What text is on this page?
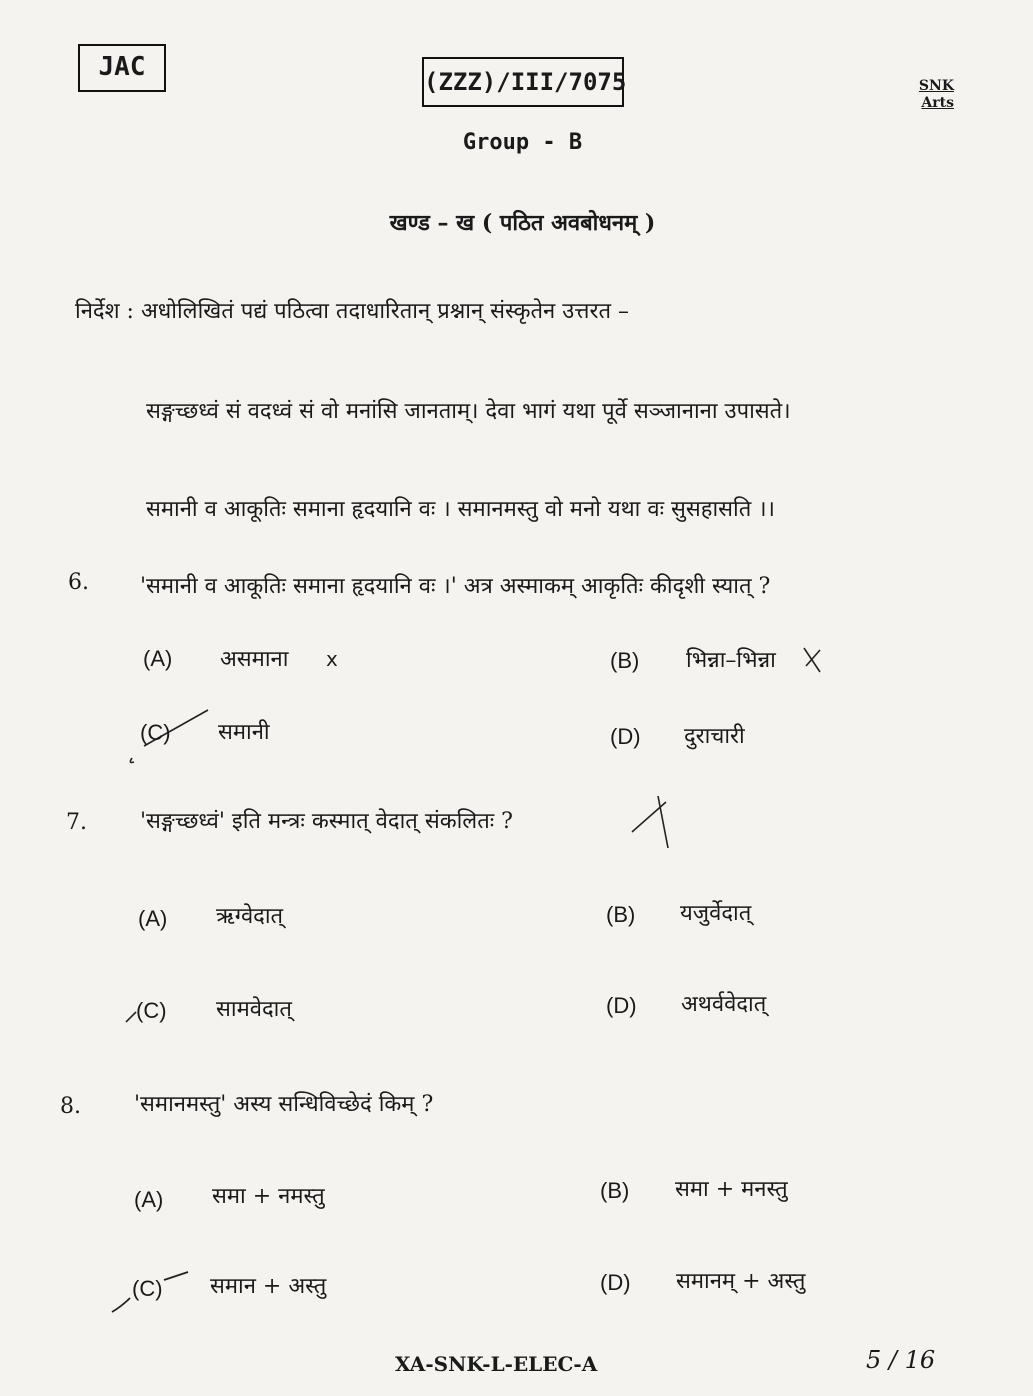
JAC	(ZZZ)/III/7075	SNK
Arts
Group - B
खण्ड – ख ( पठित अवबोधनम् )
निर्देश : अधोलिखितं पद्यं पठित्वा तदाधारितान् प्रश्नान् संस्कृतेन उत्तरत –
सङ्गच्छध्वं सं वदध्वं सं वो मनांसि जानताम्। देवा भागं यथा पूर्वे सञ्जानाना उपासते।
समानी व आकूतिः समाना हृदयानि वः । समानमस्तु वो मनो यथा वः सुसहासति ।।
6. 'समानी व आकूतिः समाना हृदयानि वः ।' अत्र अस्माकम् आकृतिः कीदृशी स्यात् ?
(A) असमाना x	(B) भिन्ना–भिन्ना
(C) समानी	(D) दुराचारी
7. 'सङ्गच्छध्वं' इति मन्त्रः कस्मात् वेदात् संकलितः ?
(A) ऋग्वेदात्	(B) यजुर्वेदात्
(C) सामवेदात्	(D) अथर्ववेदात्
8. 'समानमस्तु' अस्य सन्धिविच्छेदं किम् ?
(A) समा + नमस्तु	(B) समा + मनस्तु
(C) समान + अस्तु	(D) समानम् + अस्तु
XA-SNK-L-ELEC-A	5 / 16
